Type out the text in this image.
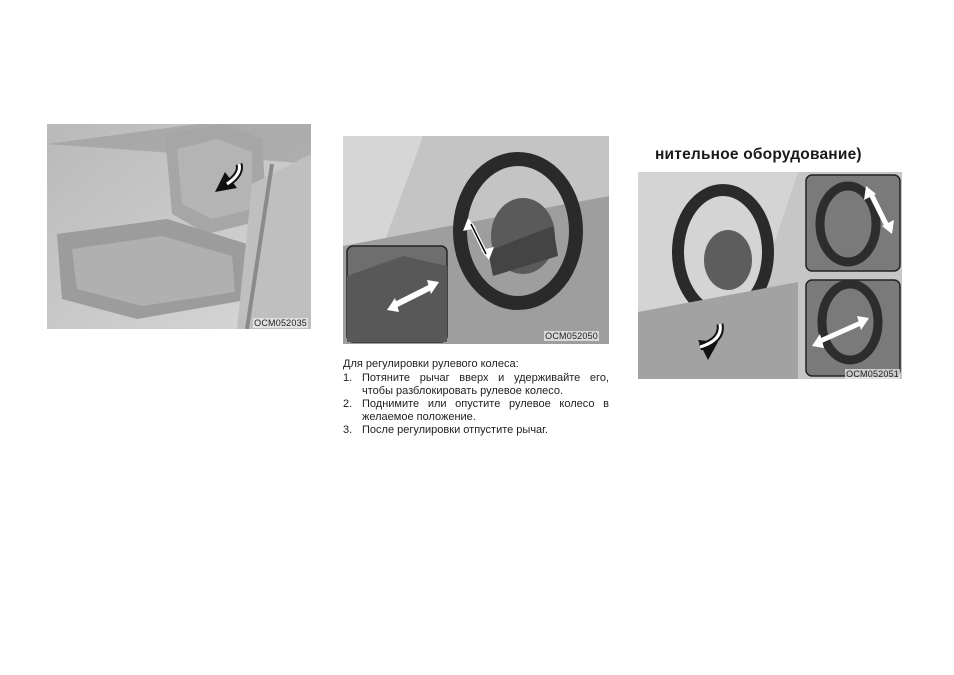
OCM052035
OCM052050
нительное оборудование)
OCM052051

Для регулировки рулевого колеса:

1. Потяните рычаг вверх и удерживайте его, чтобы разблокировать рулевое колесо.
2. Поднимите или опустите рулевое колесо в желаемое положение.
3. После регулировки отпустите рычаг.
